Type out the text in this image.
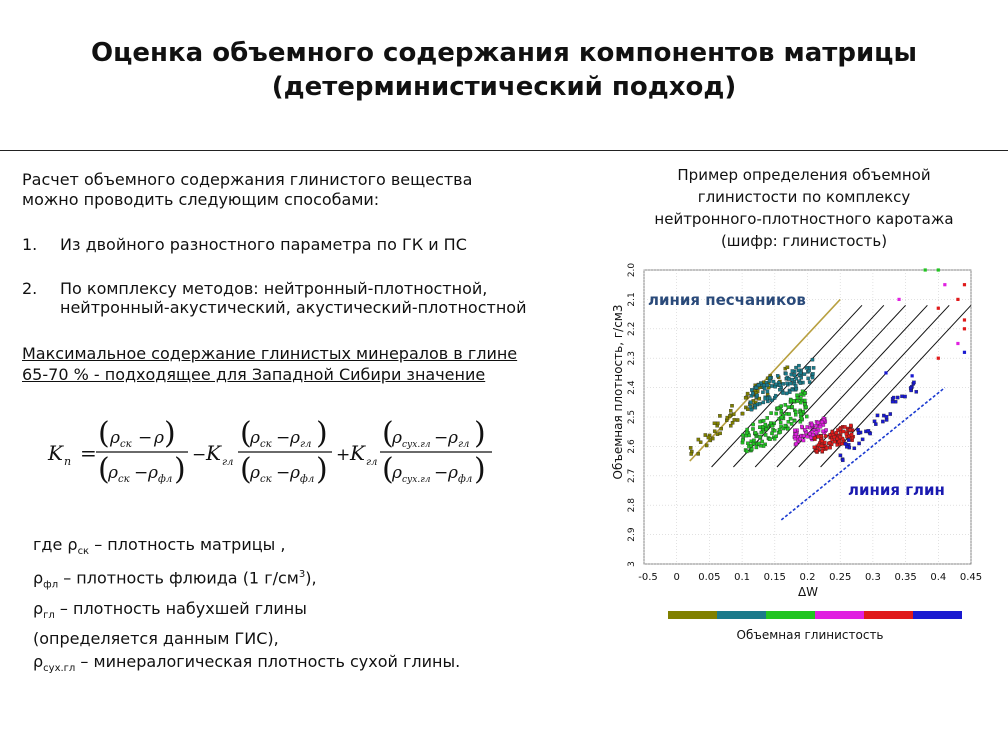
Оценка объемного содержания компонентов матрицы
(детерминистический подход)
Расчет объемного содержания глинистого вещества
можно проводить следующим способами:
1. Из двойного разностного параметра по ГК и ПС
2. По комплексу методов: нейтронный-плотностной,
нейтронный-акустический, акустический-плотностной
Максимальное содержание глинистых минералов в глине
65-70 % - подходящее для Западной Сибири значение
K п =
( ρ ск − ρ )
(
ρ ск − ρ фл ) − K гл
(
ρ ск − ρ гл )
(
ρ ск − ρ фл ) + K гл
(
ρ сух.гл − ρ гл )
(
ρ сух.гл − ρ фл )
где $\rho_{ск}$ – плотность матрицы ,
$\rho_{фл}$ – плотность флюида (1 $г/см^3$),
$\rho_{гл}$ – плотность набухшей глины
(определяется данным ГИС),
$\rho_{сух.гл}$ – минералогическая плотность сухой глины.
Пример определения объемной
глинистости по комплексу
нейтронного-плотностного каротажа
(шифр: глинистость)
2.0
2.1
2.2
2.3
2.4
2.5
2.6
2.7
2.8
2.9
3
-0.5 0 0.05 0.1 0.15 0.2 0.25 0.3 0.35 0.4 0.45
Объемная плотность, г/см3
ΔW
линия песчаников
линия глин
Объемная глинистость
